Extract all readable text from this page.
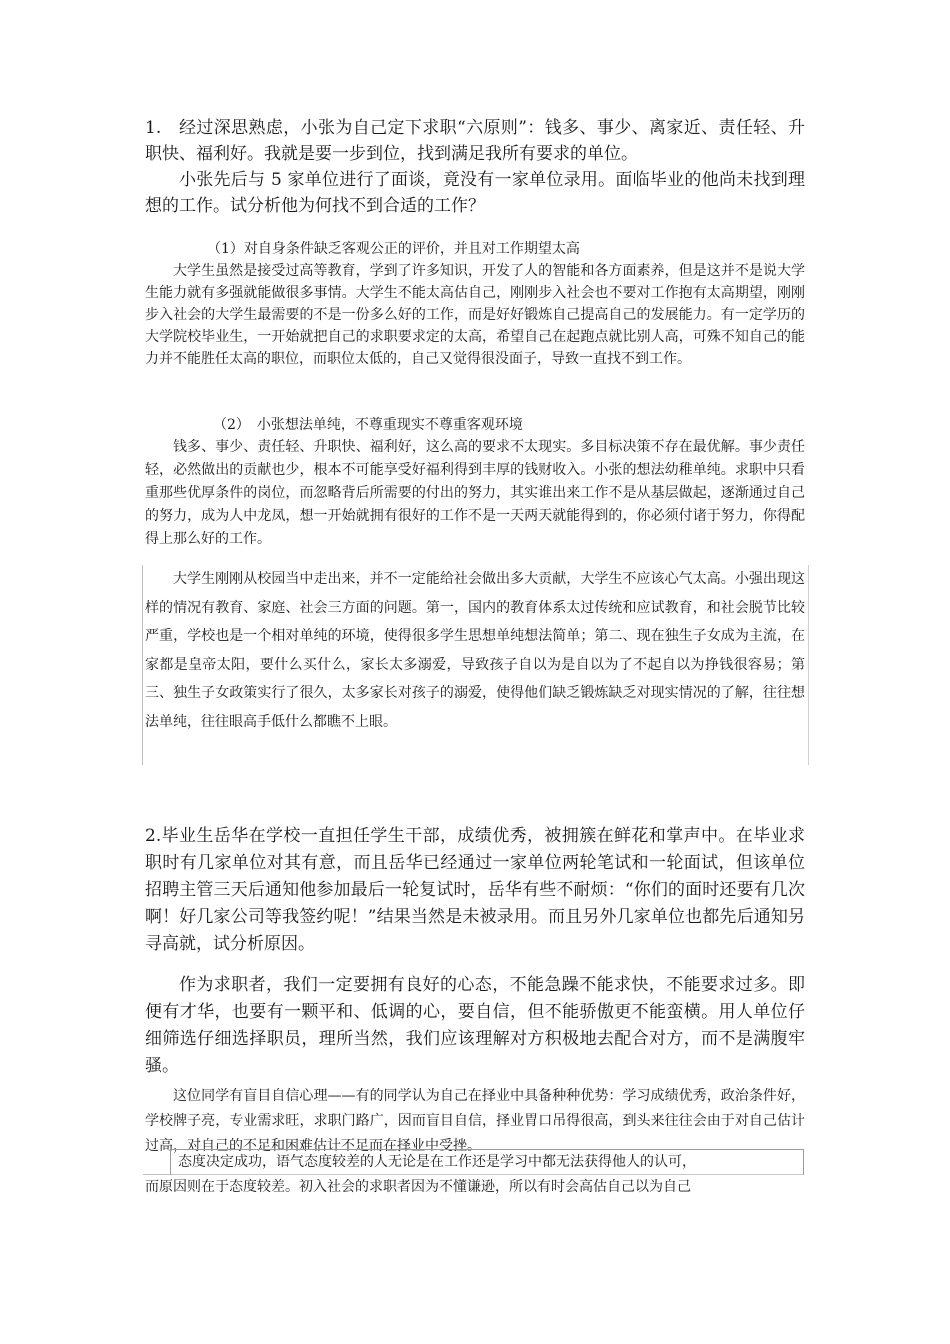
1.　经过深思熟虑，小张为自己定下求职“六原则”：钱多、事少、离家近、责任轻、升职快、福利好。我就是要一步到位，找到满足我所有要求的单位。

小张先后与 5 家单位进行了面谈，竟没有一家单位录用。面临毕业的他尚未找到理想的工作。试分析他为何找不到合适的工作？

（1）对自身条件缺乏客观公正的评价，并且对工作期望太高

大学生虽然是接受过高等教育，学到了许多知识，开发了人的智能和各方面素养，但是这并不是说大学生能力就有多强就能做很多事情。大学生不能太高估自己，刚刚步入社会也不要对工作抱有太高期望，刚刚步入社会的大学生最需要的不是一份多么好的工作，而是好好锻炼自己提高自己的发展能力。有一定学历的大学院校毕业生，一开始就把自己的求职要求定的太高，希望自己在起跑点就比别人高，可殊不知自己的能力并不能胜任太高的职位，而职位太低的，自己又觉得很没面子，导致一直找不到工作。

（2）　小张想法单纯，不尊重现实不尊重客观环境

钱多、事少、责任轻、升职快、福利好，这么高的要求不太现实。多目标决策不存在最优解。事少责任轻，必然做出的贡献也少，根本不可能享受好福利得到丰厚的钱财收入。小张的想法幼稚单纯。求职中只看重那些优厚条件的岗位，而忽略背后所需要的付出的努力，其实谁出来工作不是从基层做起，逐渐通过自己的努力，成为人中龙凤，想一开始就拥有很好的工作不是一天两天就能得到的，你必须付诸于努力，你得配得上那么好的工作。

大学生刚刚从校园当中走出来，并不一定能给社会做出多大贡献，大学生不应该心气太高。小强出现这样的情况有教育、家庭、社会三方面的问题。第一，国内的教育体系太过传统和应试教育，和社会脱节比较严重，学校也是一个相对单纯的环境，使得很多学生思想单纯想法简单；第二、现在独生子女成为主流，在家都是皇帝太阳，要什么买什么，家长太多溺爱，导致孩子自以为是自以为了不起自以为挣钱很容易；第三、独生子女政策实行了很久，太多家长对孩子的溺爱，使得他们缺乏锻炼缺乏对现实情况的了解，往往想法单纯，往往眼高手低什么都瞧不上眼。

2.毕业生岳华在学校一直担任学生干部，成绩优秀，被拥簇在鲜花和掌声中。在毕业求职时有几家单位对其有意，而且岳华已经通过一家单位两轮笔试和一轮面试，但该单位招聘主管三天后通知他参加最后一轮复试时，岳华有些不耐烦：“你们的面时还要有几次啊！好几家公司等我签约呢！”结果当然是未被录用。而且另外几家单位也都先后通知另寻高就，试分析原因。

作为求职者，我们一定要拥有良好的心态，不能急躁不能求快，不能要求过多。即便有才华，也要有一颗平和、低调的心，要自信，但不能骄傲更不能蛮横。用人单位仔细筛选仔细选择职员，理所当然，我们应该理解对方积极地去配合对方，而不是满腹牢骚。

这位同学有盲目自信心理——有的同学认为自己在择业中具备种种优势：学习成绩优秀，政治条件好，学校牌子亮，专业需求旺，求职门路广，因而盲目自信，择业胃口吊得很高，到头来往往会由于对自己估计过高，对自己的不足和困难估计不足而在择业中受挫。

态度决定成功，语气态度较差的人无论是在工作还是学习中都无法获得他人的认可，

而原因则在于态度较差。初入社会的求职者因为不懂谦逊，所以有时会高估自己以为自己
